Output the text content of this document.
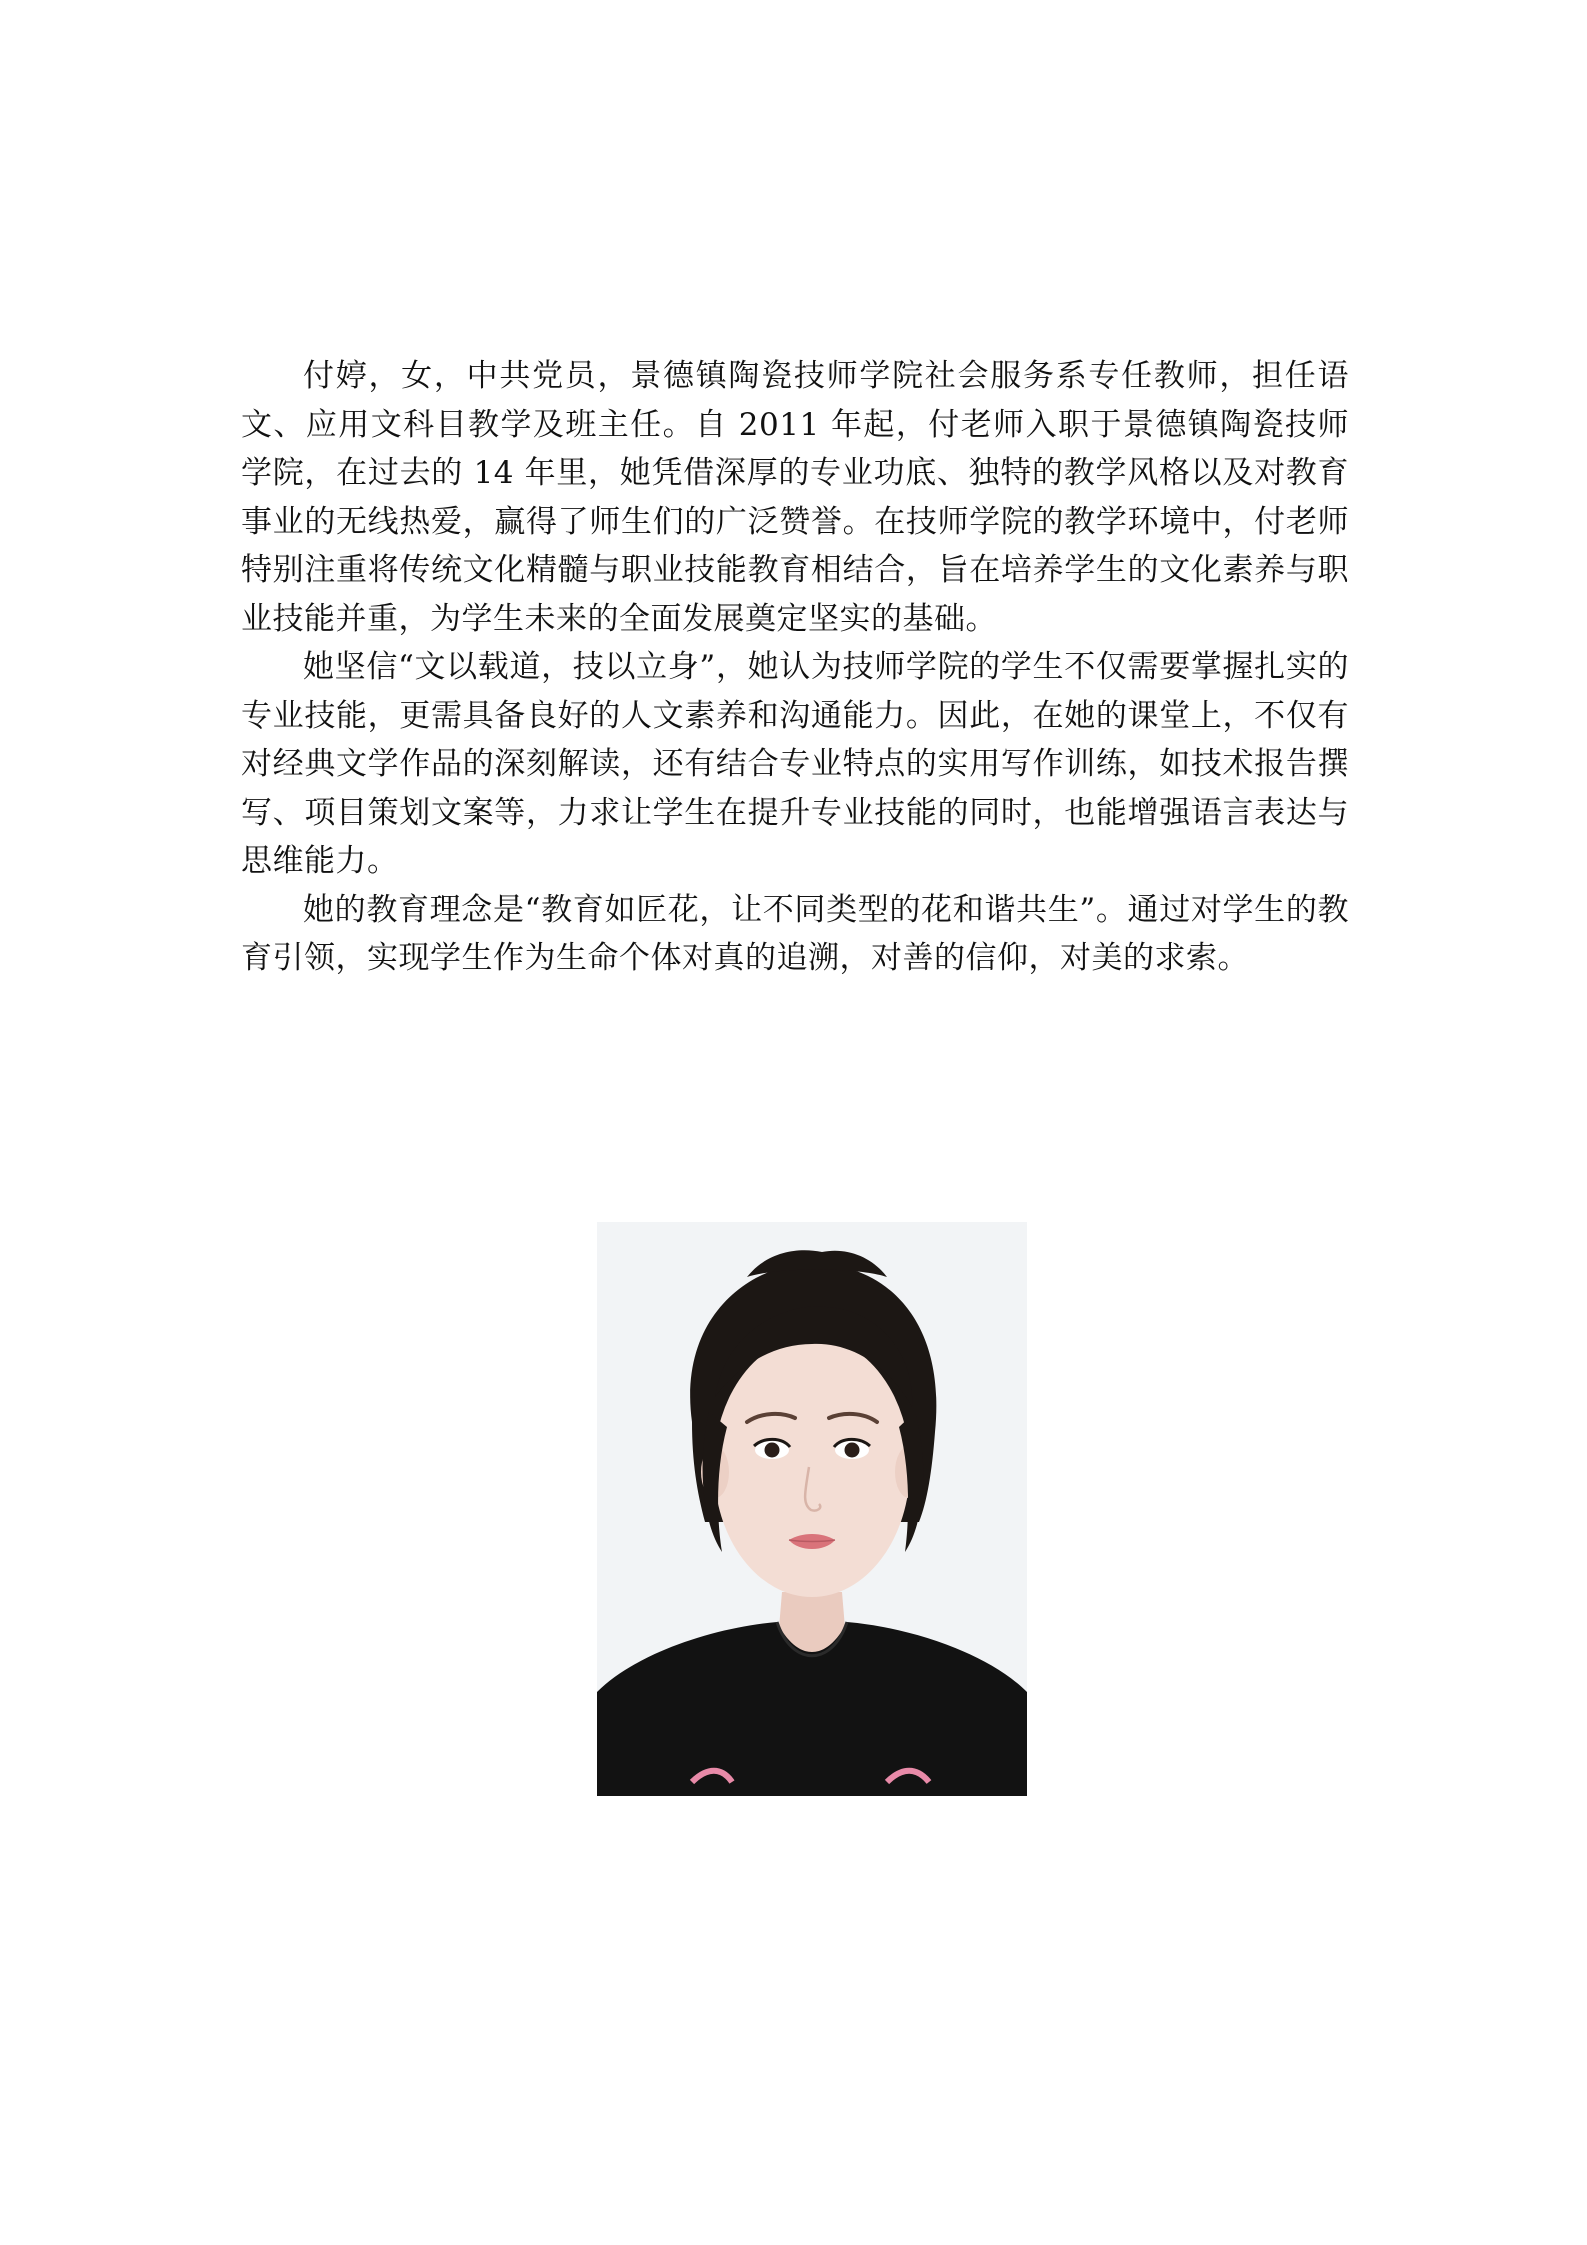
付婷，女，中共党员，景德镇陶瓷技师学院社会服务系专任教师，担任语文、应用文科目教学及班主任。自 2011 年起，付老师入职于景德镇陶瓷技师学院，在过去的 14 年里，她凭借深厚的专业功底、独特的教学风格以及对教育事业的无线热爱，赢得了师生们的广泛赞誉。在技师学院的教学环境中，付老师特别注重将传统文化精髓与职业技能教育相结合，旨在培养学生的文化素养与职业技能并重，为学生未来的全面发展奠定坚实的基础。

她坚信“文以载道，技以立身”，她认为技师学院的学生不仅需要掌握扎实的专业技能，更需具备良好的人文素养和沟通能力。因此，在她的课堂上，不仅有对经典文学作品的深刻解读，还有结合专业特点的实用写作训练，如技术报告撰写、项目策划文案等，力求让学生在提升专业技能的同时，也能增强语言表达与思维能力。

她的教育理念是“教育如匠花，让不同类型的花和谐共生”。通过对学生的教育引领，实现学生作为生命个体对真的追溯，对善的信仰，对美的求索。
